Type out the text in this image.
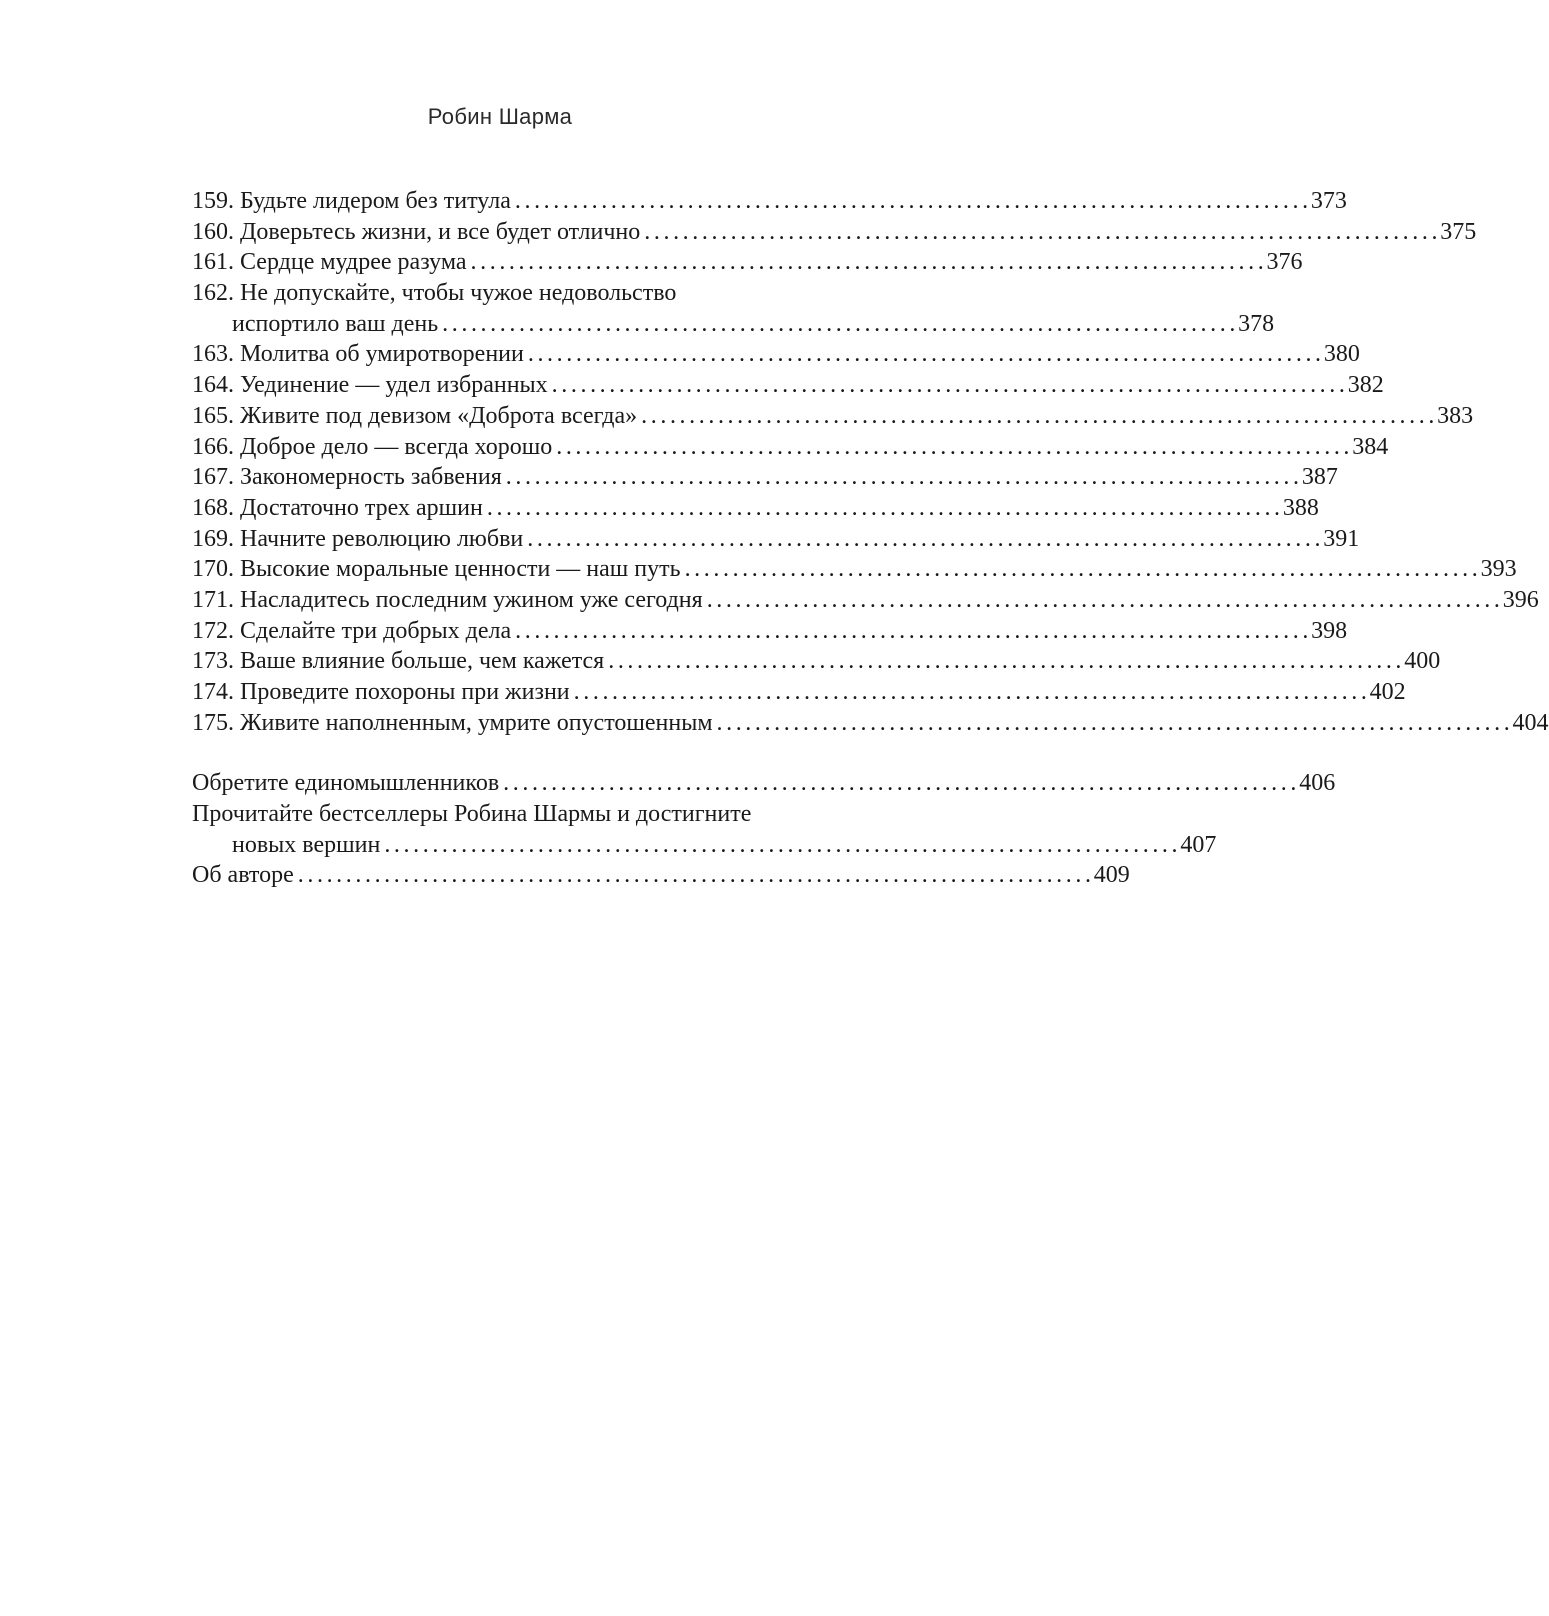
Робин Шарма
159. Будьте лидером без титула . . .	373
160. Доверьтесь жизни, и все будет отлично . . .	375
161. Сердце мудрее разума . . .	376
162. Не допускайте, чтобы чужое недовольство
испортило ваш день . . .	378
163. Молитва об умиротворении . . .	380
164. Уединение — удел избранных . . .	382
165. Живите под девизом «Доброта всегда» . . .	383
166. Доброе дело — всегда хорошо . . .	384
167. Закономерность забвения . . .	387
168. Достаточно трех аршин . . .	388
169. Начните революцию любви . . .	391
170. Высокие моральные ценности — наш путь . . .	393
171. Насладитесь последним ужином уже сегодня . . .	396
172. Сделайте три добрых дела . . .	398
173. Ваше влияние больше, чем кажется . . .	400
174. Проведите похороны при жизни . . .	402
175. Живите наполненным, умрите опустошенным . . .	404
Обретите единомышленников . . .	406
Прочитайте бестселлеры Робина Шармы и достигните
новых вершин . . .	407
Об авторе . . .	409
